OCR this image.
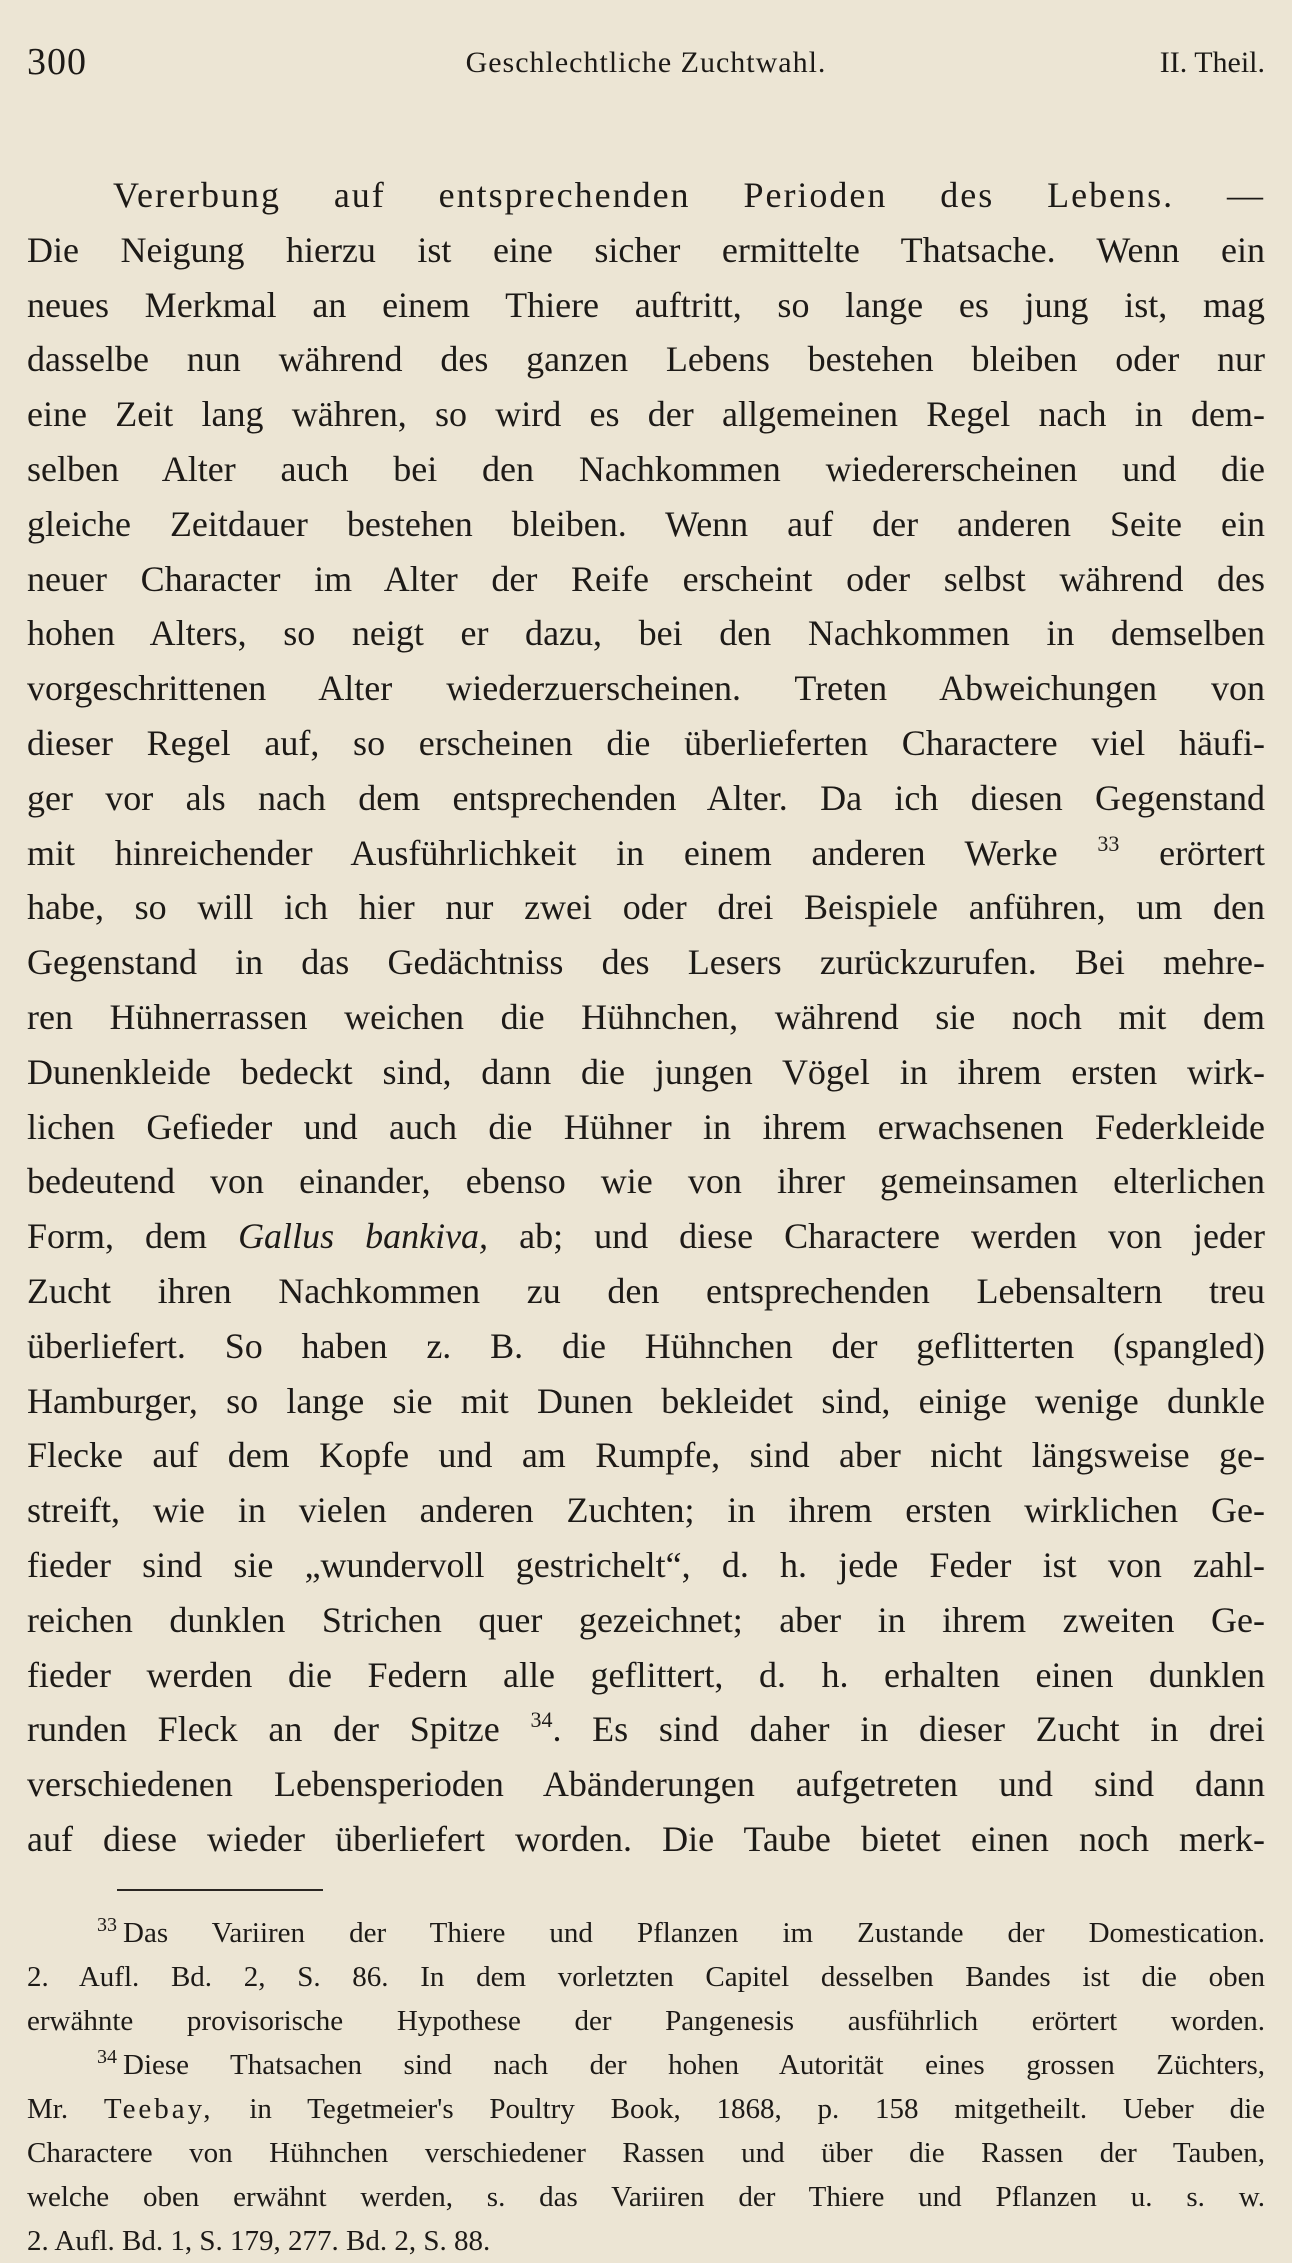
300	Geschlechtliche Zuchtwahl.	II. Theil.
Vererbung auf entsprechenden Perioden des Lebens. —
Die Neigung hierzu ist eine sicher ermittelte Thatsache. Wenn ein
neues Merkmal an einem Thiere auftritt, so lange es jung ist, mag
dasselbe nun während des ganzen Lebens bestehen bleiben oder nur
eine Zeit lang währen, so wird es der allgemeinen Regel nach in dem-
selben Alter auch bei den Nachkommen wiedererscheinen und die
gleiche Zeitdauer bestehen bleiben. Wenn auf der anderen Seite ein
neuer Character im Alter der Reife erscheint oder selbst während des
hohen Alters, so neigt er dazu, bei den Nachkommen in demselben
vorgeschrittenen Alter wiederzuerscheinen. Treten Abweichungen von
dieser Regel auf, so erscheinen die überlieferten Charactere viel häufi-
ger vor als nach dem entsprechenden Alter. Da ich diesen Gegenstand
mit hinreichender Ausführlichkeit in einem anderen Werke $^{33}$ erörtert
habe, so will ich hier nur zwei oder drei Beispiele anführen, um den
Gegenstand in das Gedächtniss des Lesers zurückzurufen. Bei mehre-
ren Hühnerrassen weichen die Hühnchen, während sie noch mit dem
Dunenkleide bedeckt sind, dann die jungen Vögel in ihrem ersten wirk-
lichen Gefieder und auch die Hühner in ihrem erwachsenen Federkleide
bedeutend von einander, ebenso wie von ihrer gemeinsamen elterlichen
Form, dem Gallus bankiva, ab; und diese Charactere werden von jeder
Zucht ihren Nachkommen zu den entsprechenden Lebensaltern treu
überliefert. So haben z. B. die Hühnchen der geflitterten (spangled)
Hamburger, so lange sie mit Dunen bekleidet sind, einige wenige dunkle
Flecke auf dem Kopfe und am Rumpfe, sind aber nicht längsweise ge-
streift, wie in vielen anderen Zuchten; in ihrem ersten wirklichen Ge-
fieder sind sie „wundervoll gestrichelt“, d. h. jede Feder ist von zahl-
reichen dunklen Strichen quer gezeichnet; aber in ihrem zweiten Ge-
fieder werden die Federn alle geflittert, d. h. erhalten einen dunklen
runden Fleck an der Spitze $^{34}$. Es sind daher in dieser Zucht in drei
verschiedenen Lebensperioden Abänderungen aufgetreten und sind dann
auf diese wieder überliefert worden. Die Taube bietet einen noch merk-
$^{33}$ Das Variiren der Thiere und Pflanzen im Zustande der Domestication.
2. Aufl. Bd. 2, S. 86. In dem vorletzten Capitel desselben Bandes ist die oben
erwähnte provisorische Hypothese der Pangenesis ausführlich erörtert worden.
$^{34}$ Diese Thatsachen sind nach der hohen Autorität eines grossen Züchters,
Mr. Teebay, in Tegetmeier's Poultry Book, 1868, p. 158 mitgetheilt. Ueber die
Charactere von Hühnchen verschiedener Rassen und über die Rassen der Tauben,
welche oben erwähnt werden, s. das Variiren der Thiere und Pflanzen u. s. w.
2. Aufl. Bd. 1, S. 179, 277. Bd. 2, S. 88.
